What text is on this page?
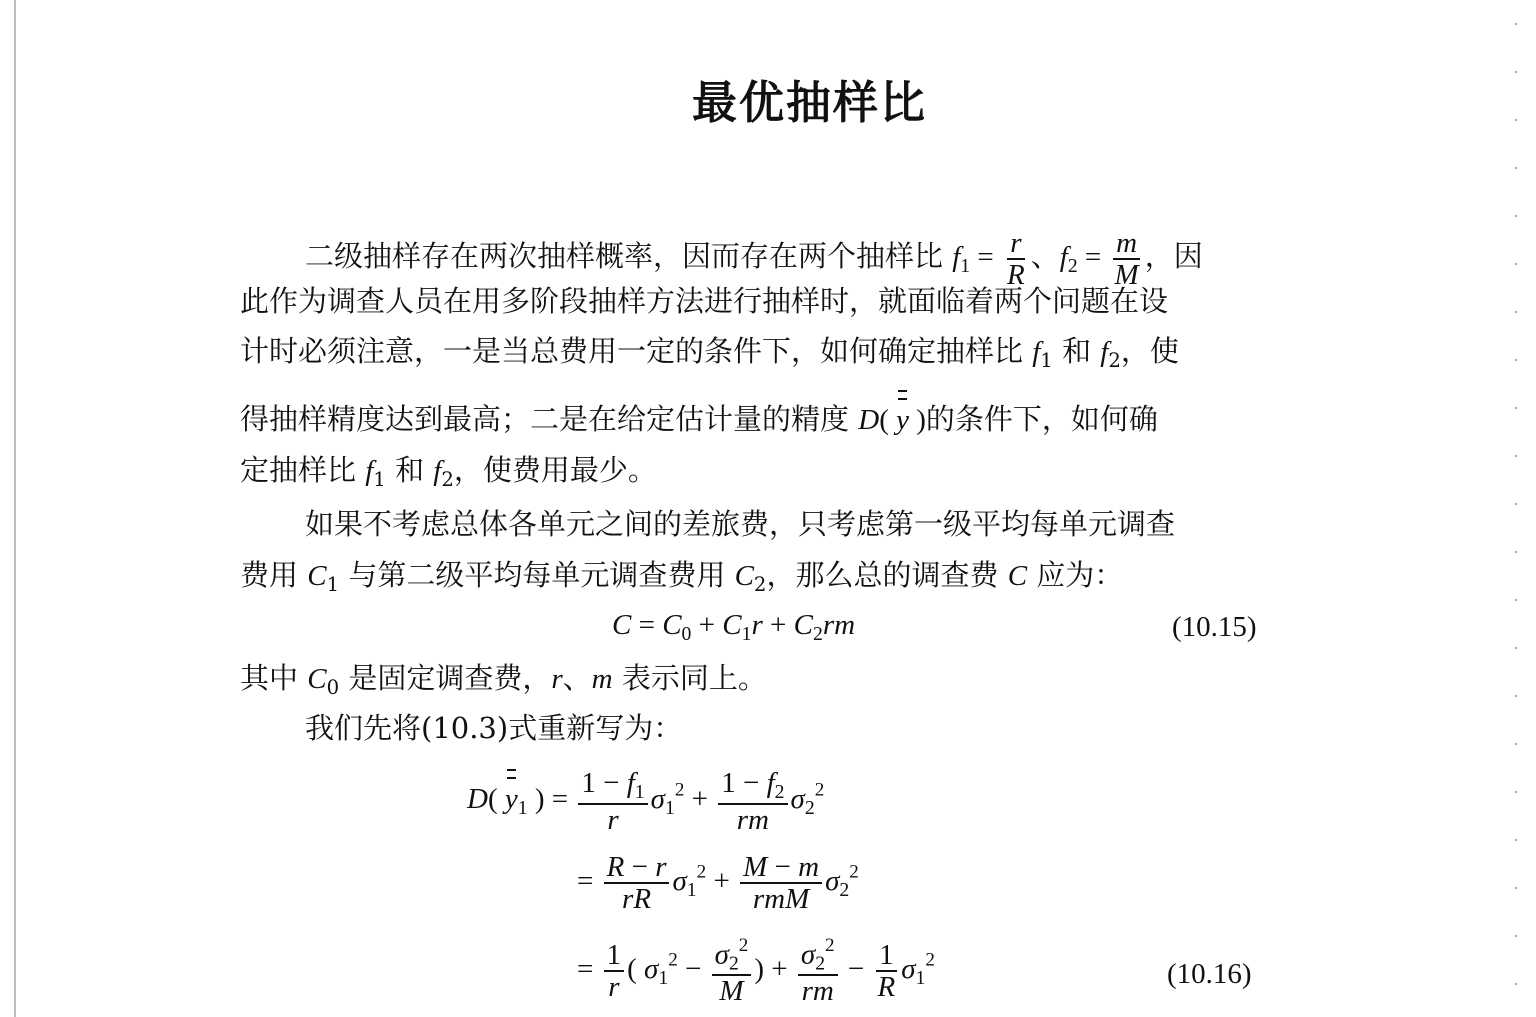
最优抽样比
二级抽样存在两次抽样概率，因而存在两个抽样比 $f_1 = \frac{r}{R}$ 、$f_2 = \frac{m}{M}$ ，因
此作为调查人员在用多阶段抽样方法进行抽样时，就面临着两个问题在设
计时必须注意，一是当总费用一定的条件下，如何确定抽样比 $f_1$ 和 $f_2$，使
得抽样精度达到最高；二是在给定估计量的精度 D( y )的条件下，如何确
定抽样比 $f_1$ 和 $f_2$，使费用最少。
如果不考虑总体各单元之间的差旅费，只考虑第一级平均每单元调查
费用 $C_1$ 与第二级平均每单元调查费用 $C_2$，那么总的调查费 C 应为：
$C = C_0 + C_1r + C_2rm$	(10.15)
其中 $C_0$ 是固定调查费，r、m 表示同上。
我们先将(10.3)式重新写为：
D( $y_1$ ) = $\frac{1 - f_1}{r} \sigma_1^2 + \frac{1 - f_2}{rm} \sigma_2^2$
= $\frac{R - r}{rR} \sigma_1^2 + \frac{M - m}{\text{rmM}} \sigma_2^2$
= $\frac{1}{r}$ ( $\sigma_1^2 - \frac{\sigma_2^2}{M}$ ) + $\frac{\sigma_2^2}{rm} - \frac{1}{R} \sigma_1^2$	(10.16)
